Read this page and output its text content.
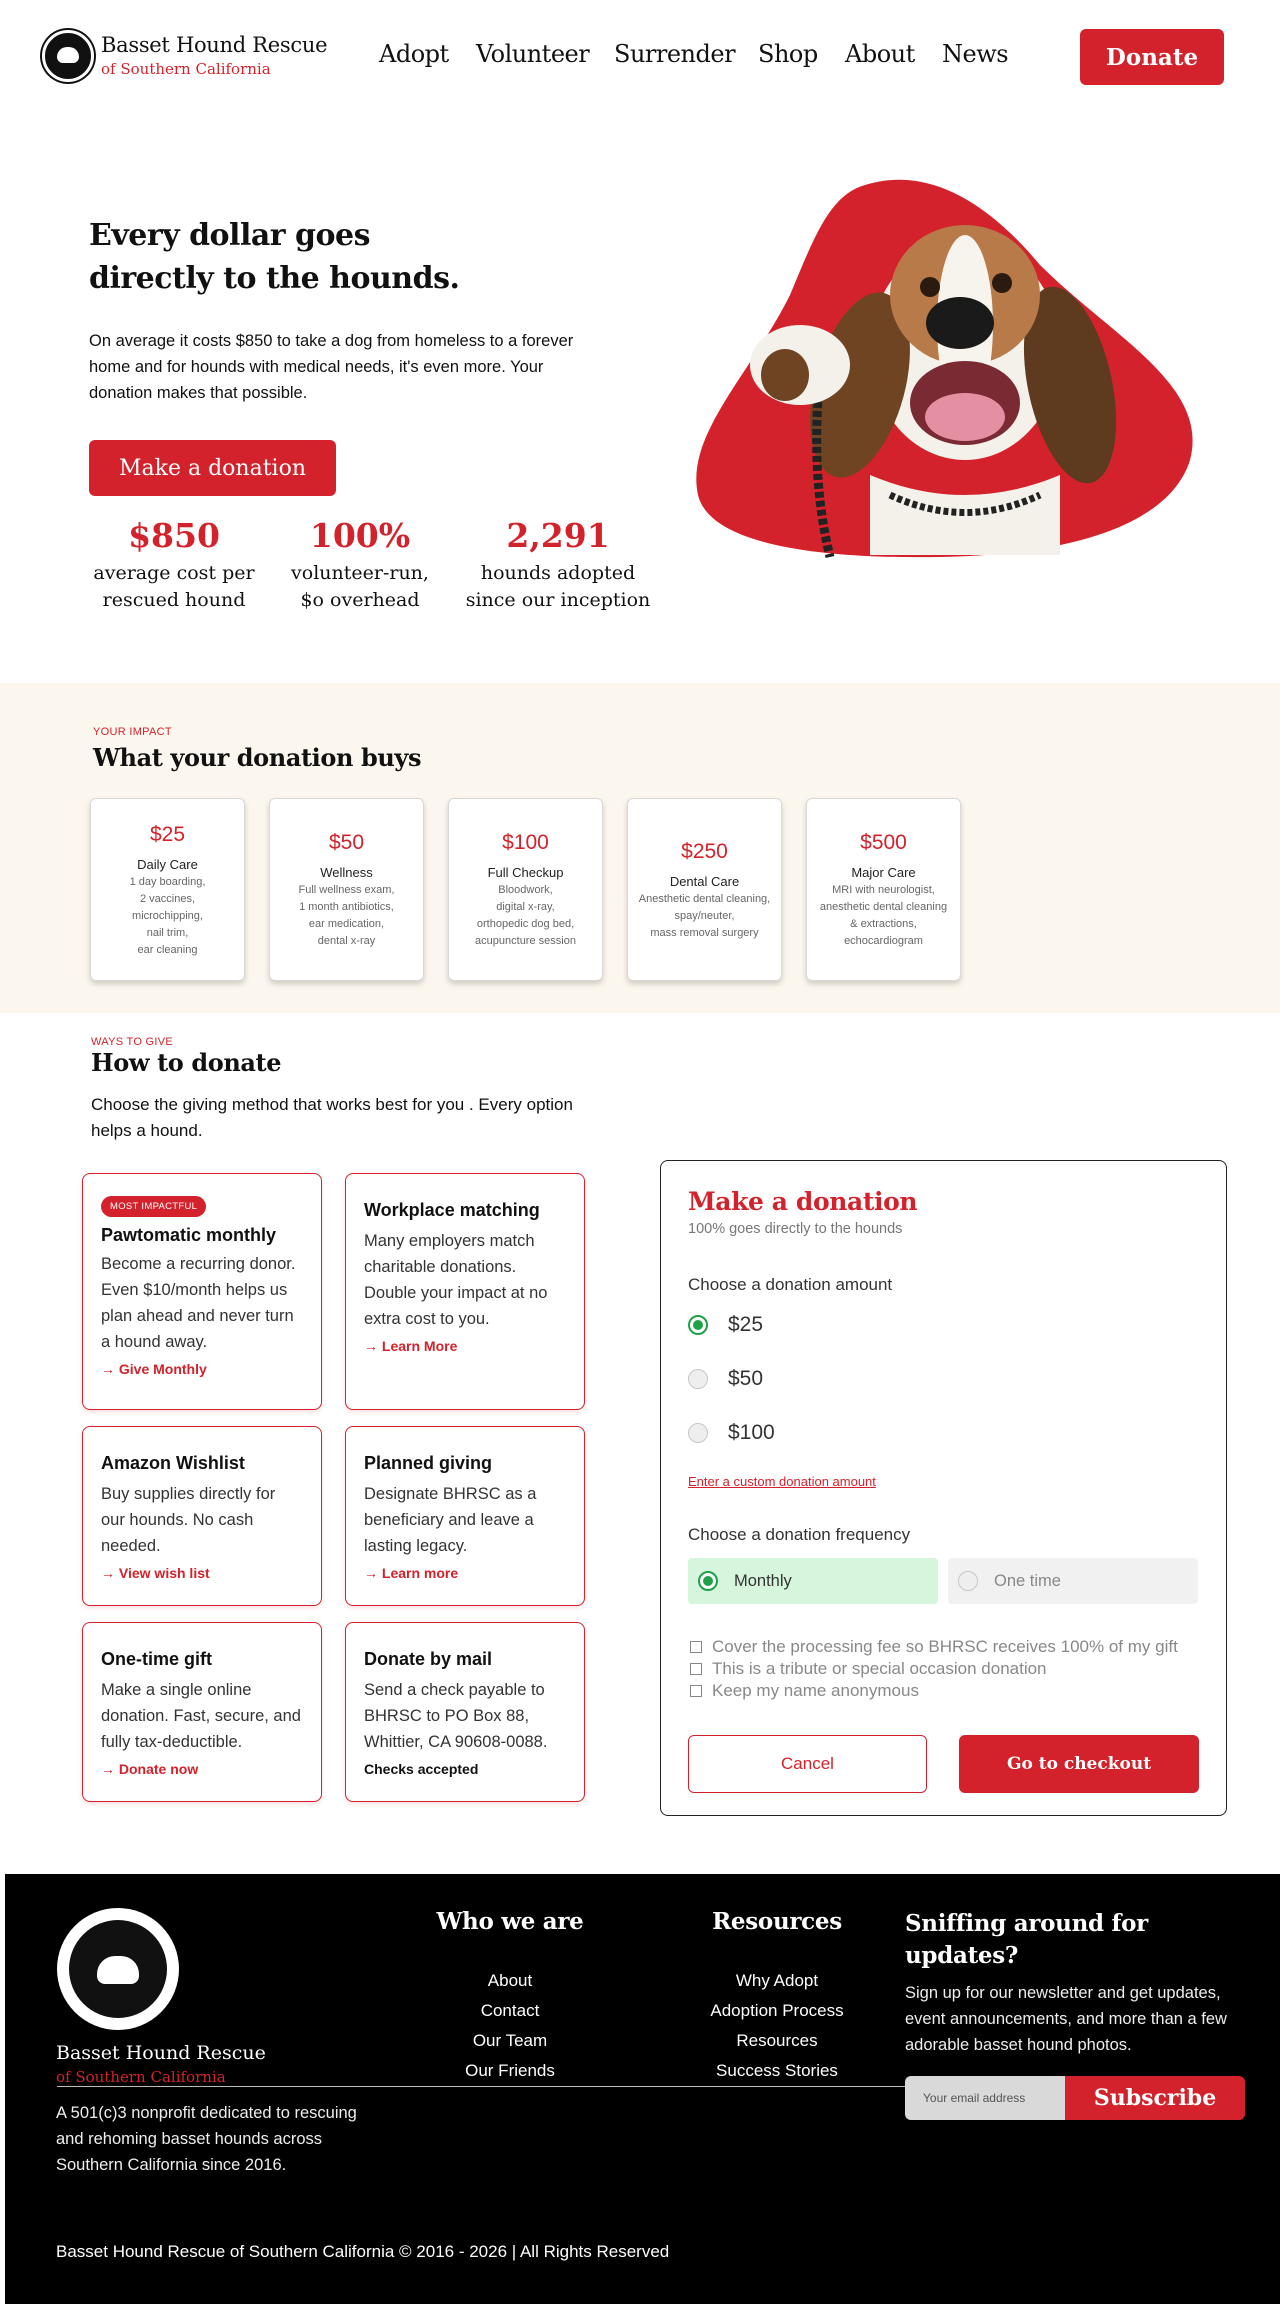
Basset Hound Rescue
of Southern California
Adopt Volunteer Surrender Shop About News	Donate
Every dollar goes
directly to the hounds.
On average it costs $850 to take a dog from homeless to a forever home and for hounds with medical needs, it's even more. Your donation makes that possible.
Make a donation
$850
average cost per
rescued hound
100%
volunteer-run,
$o overhead
2,291
hounds adopted
since our inception
YOUR IMPACT
What your donation buys
$25
Daily Care
1 day boarding,
2 vaccines,
microchipping,
nail trim,
ear cleaning
$50
Wellness
Full wellness exam,
1 month antibiotics,
ear medication,
dental x-ray
$100
Full Checkup
Bloodwork,
digital x-ray,
orthopedic dog bed,
acupuncture session
$250
Dental Care
Anesthetic dental cleaning,
spay/neuter,
mass removal surgery
$500
Major Care
MRI with neurologist,
anesthetic dental cleaning
& extractions,
echocardiogram
WAYS TO GIVE
How to donate
Choose the giving method that works best for you . Every option helps a hound.
MOST IMPACTFUL
Pawtomatic monthly
Become a recurring donor. Even $10/month helps us plan ahead and never turn a hound away.
→ Give Monthly
Workplace matching
Many employers match charitable donations. Double your impact at no extra cost to you.
→ Learn More
Amazon Wishlist
Buy supplies directly for our hounds. No cash needed.
→ View wish list
Planned giving
Designate BHRSC as a beneficiary and leave a lasting legacy.
→ Learn more
One-time gift
Make a single online donation. Fast, secure, and fully tax-deductible.
→ Donate now
Donate by mail
Send a check payable to BHRSC to PO Box 88, Whittier, CA 90608-0088.
Checks accepted
Make a donation
100% goes directly to the hounds
Choose a donation amount
$25
$50
$100
Enter a custom donation amount
Choose a donation frequency
Monthly	One time
Cover the processing fee so BHRSC receives 100% of my gift
This is a tribute or special occasion donation
Keep my name anonymous
Cancel	Go to checkout
Basset Hound Rescue
of Southern California
A 501(c)3 nonprofit dedicated to rescuing and rehoming basset hounds across Southern California since 2016.
Who we are
About
Contact
Our Team
Our Friends
Resources
Why Adopt
Adoption Process
Resources
Success Stories
Sniffing around for
updates?
Sign up for our newsletter and get updates, event announcements, and more than a few adorable basset hound photos.
Your email address	Subscribe
Basset Hound Rescue of Southern California © 2016 - 2026 | All Rights Reserved
